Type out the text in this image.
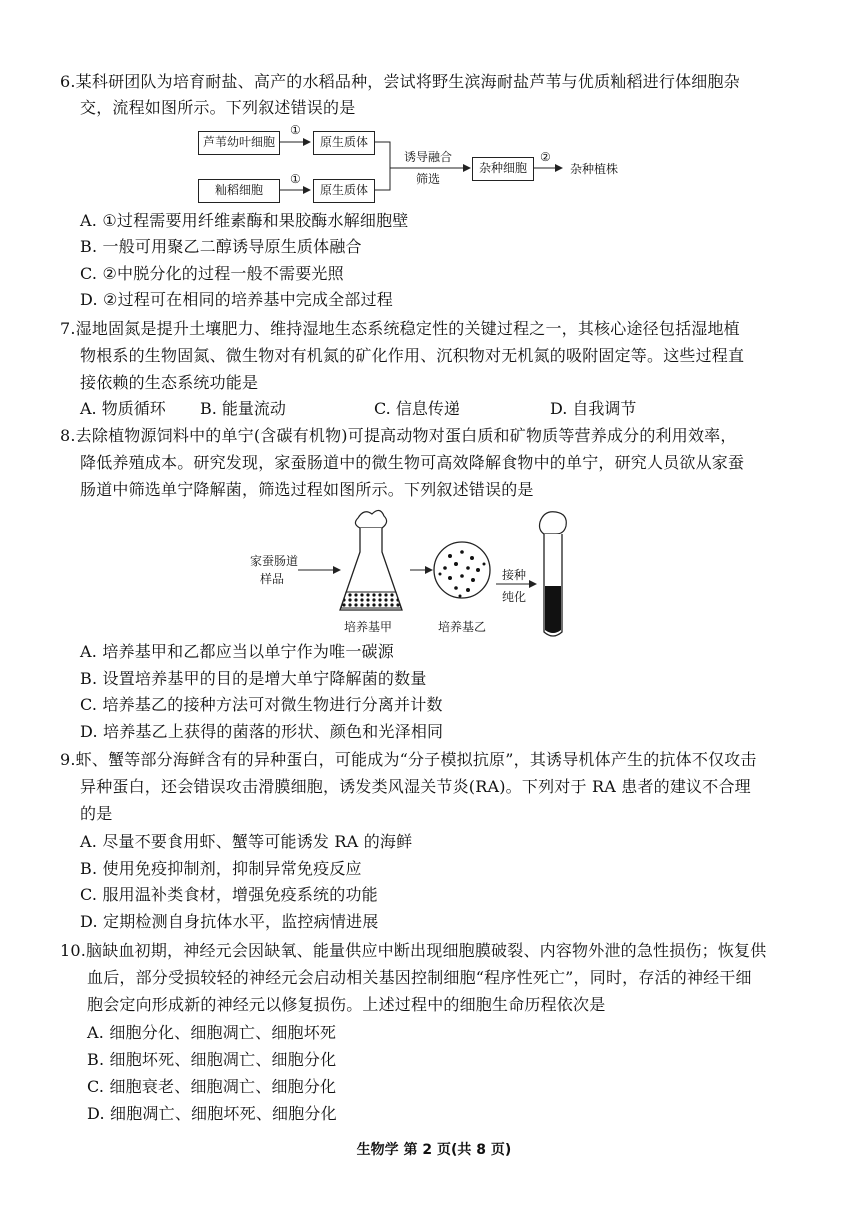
6.某科研团队为培育耐盐、高产的水稻品种，尝试将野生滨海耐盐芦苇与优质籼稻进行体细胞杂
交，流程如图所示。下列叙述错误的是
芦苇幼叶细胞	原生质体
籼稻细胞	原生质体
杂种细胞
①
①
诱导融合
筛选
②
杂种植株
A. ①过程需要用纤维素酶和果胶酶水解细胞壁
B. 一般可用聚乙二醇诱导原生质体融合
C. ②中脱分化的过程一般不需要光照
D. ②过程可在相同的培养基中完成全部过程
7.湿地固氮是提升土壤肥力、维持湿地生态系统稳定性的关键过程之一，其核心途径包括湿地植
物根系的生物固氮、微生物对有机氮的矿化作用、沉积物对无机氮的吸附固定等。这些过程直
接依赖的生态系统功能是
A. 物质循环 B. 能量流动	C. 信息传递	D. 自我调节
8.去除植物源饲料中的单宁(含碳有机物)可提高动物对蛋白质和矿物质等营养成分的利用效率，
降低养殖成本。研究发现，家蚕肠道中的微生物可高效降解食物中的单宁，研究人员欲从家蚕
肠道中筛选单宁降解菌，筛选过程如图所示。下列叙述错误的是
家蚕肠道
样品
培养基甲	培养基乙
接种
纯化
A. 培养基甲和乙都应当以单宁作为唯一碳源
B. 设置培养基甲的目的是增大单宁降解菌的数量
C. 培养基乙的接种方法可对微生物进行分离并计数
D. 培养基乙上获得的菌落的形状、颜色和光泽相同
9.虾、蟹等部分海鲜含有的异种蛋白，可能成为“分子模拟抗原”，其诱导机体产生的抗体不仅攻击
异种蛋白，还会错误攻击滑膜细胞，诱发类风湿关节炎(RA)。下列对于 RA 患者的建议不合理
的是
A. 尽量不要食用虾、蟹等可能诱发 RA 的海鲜
B. 使用免疫抑制剂，抑制异常免疫反应
C. 服用温补类食材，增强免疫系统的功能
D. 定期检测自身抗体水平，监控病情进展
10.脑缺血初期，神经元会因缺氧、能量供应中断出现细胞膜破裂、内容物外泄的急性损伤；恢复供
血后，部分受损较轻的神经元会启动相关基因控制细胞“程序性死亡”，同时，存活的神经干细
胞会定向形成新的神经元以修复损伤。上述过程中的细胞生命历程依次是
A. 细胞分化、细胞凋亡、细胞坏死
B. 细胞坏死、细胞凋亡、细胞分化
C. 细胞衰老、细胞凋亡、细胞分化
D. 细胞凋亡、细胞坏死、细胞分化
生物学 第 2 页(共 8 页)
